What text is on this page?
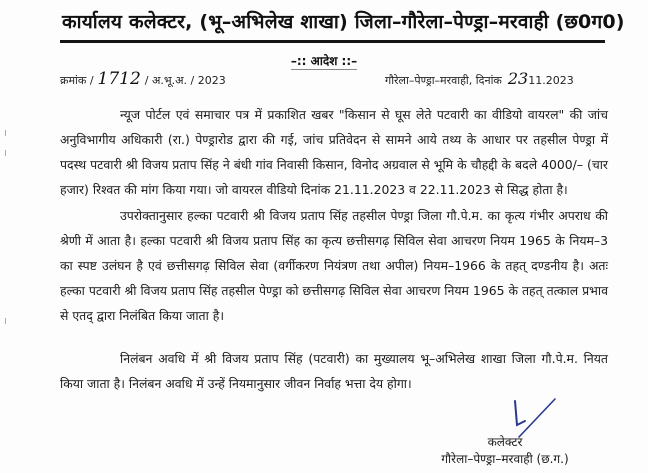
कार्यालय कलेक्टर, (भू–अभिलेख शाखा) जिला–गौरेला–पेण्ड्रा–मरवाही (छ0ग0)
–:: आदेश ::–
क्रमांक / 1712 / अ.भू.अ. / 2023	गौरेला–पेण्ड्रा–मरवाही, दिनांक 2311.2023
न्यूज पोर्टल एवं समाचार पत्र में प्रकाशित खबर "किसान से घूस लेते पटवारी का वीडियो वायरल" की जांच अनुविभागीय अधिकारी (रा.) पेण्ड्रारोड द्वारा की गई, जांच प्रतिवेदन से सामने आये तथ्य के आधार पर तहसील पेण्ड्रा में पदस्थ पटवारी श्री विजय प्रताप सिंह ने बंधी गांव निवासी किसान, विनोद अग्रवाल से भूमि के चौहद्दी के बदले 4000/– (चार हजार) रिश्वत की मांग किया गया। जो वायरल वीडियो दिनांक 21.11.2023 व 22.11.2023 से सिद्ध होता है।
उपरोक्तानुसार हल्का पटवारी श्री विजय प्रताप सिंह तहसील पेण्ड्रा जिला गौ.पे.म. का कृत्य गंभीर अपराध की श्रेणी में आता है। हल्का पटवारी श्री विजय प्रताप सिंह का कृत्य छत्तीसगढ़ सिविल सेवा आचरण नियम 1965 के नियम–3 का स्पष्ट उलंघन है एवं छत्तीसगढ़ सिविल सेवा (वर्गीकरण नियंत्रण तथा अपील) नियम–1966 के तहत् दण्डनीय है। अतः हल्का पटवारी श्री विजय प्रताप सिंह तहसील पेण्ड्रा को छत्तीसगढ़ सिविल सेवा आचरण नियम 1965 के तहत् तत्काल प्रभाव से एतद् द्वारा निलंबित किया जाता है।
निलंबन अवधि में श्री विजय प्रताप सिंह (पटवारी) का मुख्यालय भू–अभिलेख शाखा जिला गौ.पे.म. नियत किया जाता है। निलंबन अवधि में उन्हें नियमानुसार जीवन निर्वाह भत्ता देय होगा।
कलेक्टर
गौरेला–पेण्ड्रा–मरवाही (छ.ग.)
